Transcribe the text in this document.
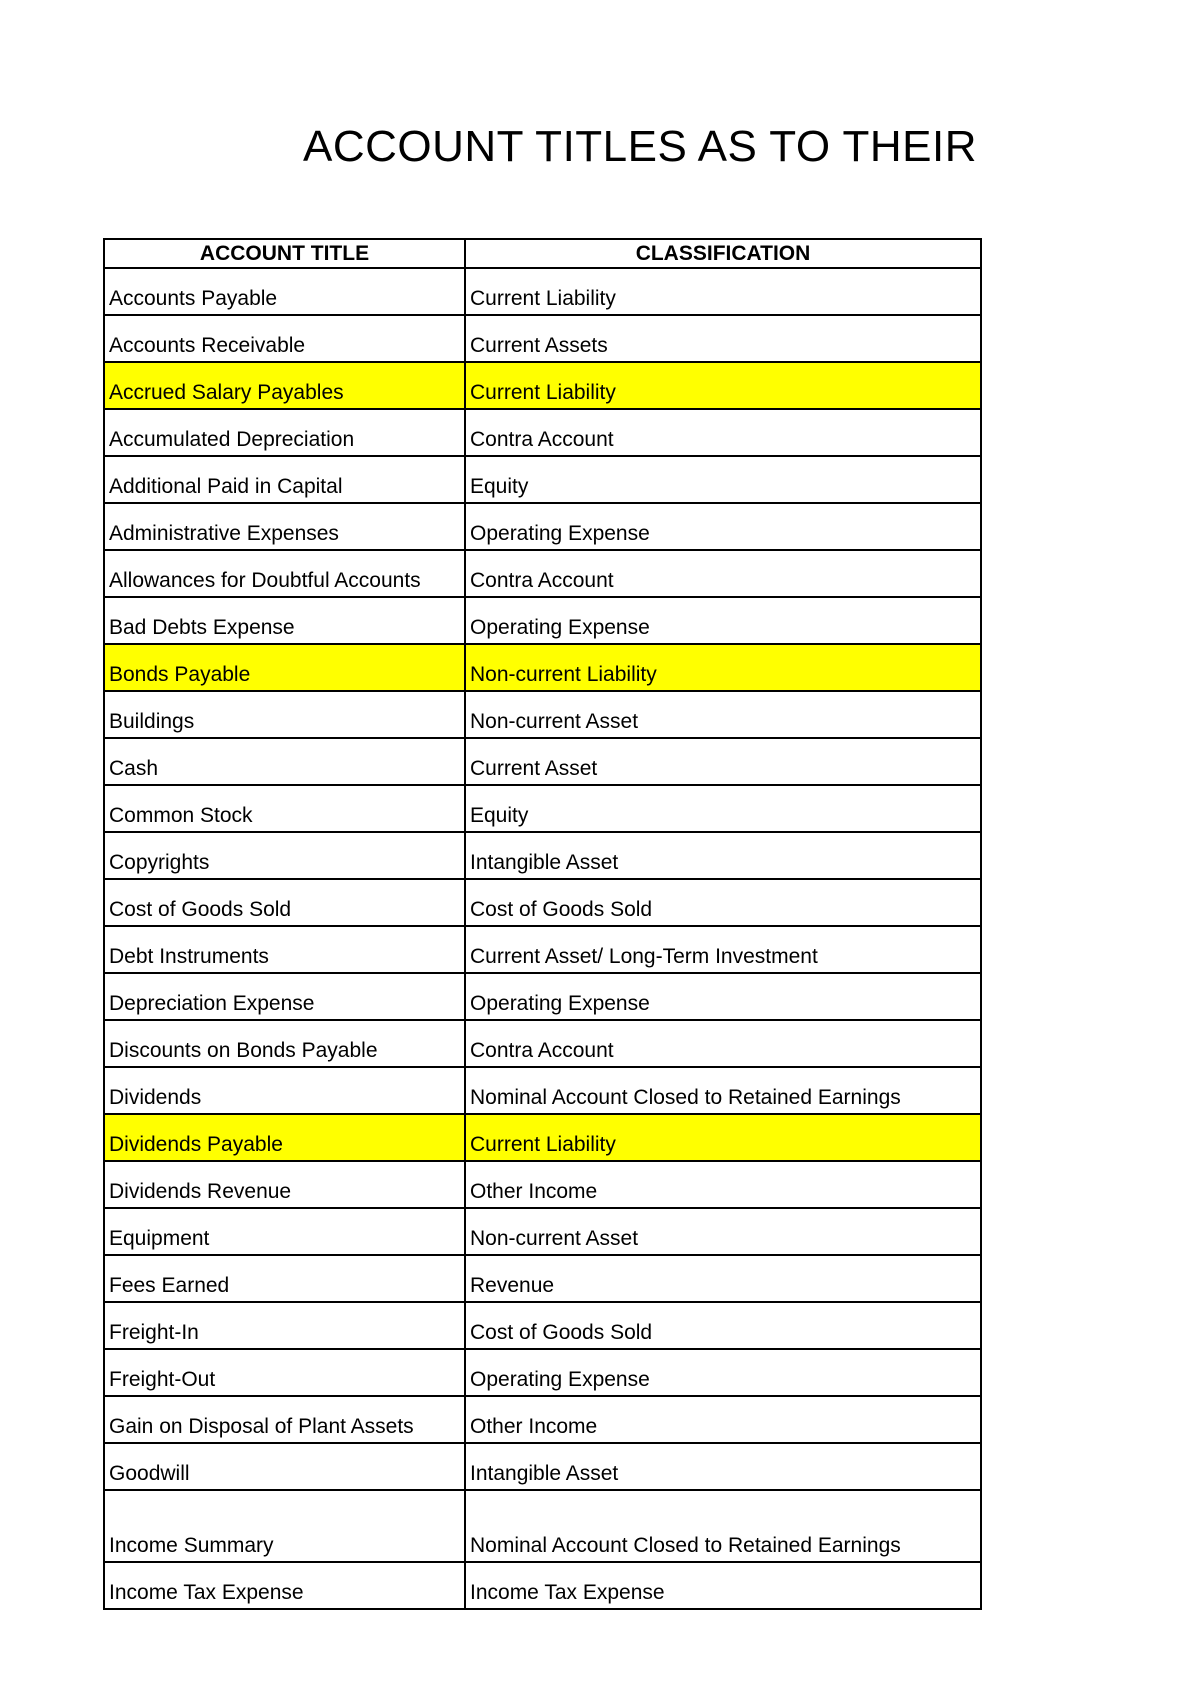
ACCOUNT TITLES AS TO THEIR
ACCOUNT TITLE	CLASSIFICATION
Accounts Payable	Current Liability
Accounts Receivable	Current Assets
Accrued Salary Payables	Current Liability
Accumulated Depreciation	Contra Account
Additional Paid in Capital	Equity
Administrative Expenses	Operating Expense
Allowances for Doubtful Accounts	Contra Account
Bad Debts Expense	Operating Expense
Bonds Payable	Non-current Liability
Buildings	Non-current Asset
Cash	Current Asset
Common Stock	Equity
Copyrights	Intangible Asset
Cost of Goods Sold	Cost of Goods Sold
Debt Instruments	Current Asset/ Long-Term Investment
Depreciation Expense	Operating Expense
Discounts on Bonds Payable	Contra Account
Dividends	Nominal Account Closed to Retained Earnings
Dividends Payable	Current Liability
Dividends Revenue	Other Income
Equipment	Non-current Asset
Fees Earned	Revenue
Freight-In	Cost of Goods Sold
Freight-Out	Operating Expense
Gain on Disposal of Plant Assets	Other Income
Goodwill	Intangible Asset
Income Summary	Nominal Account Closed to Retained Earnings
Income Tax Expense	Income Tax Expense
